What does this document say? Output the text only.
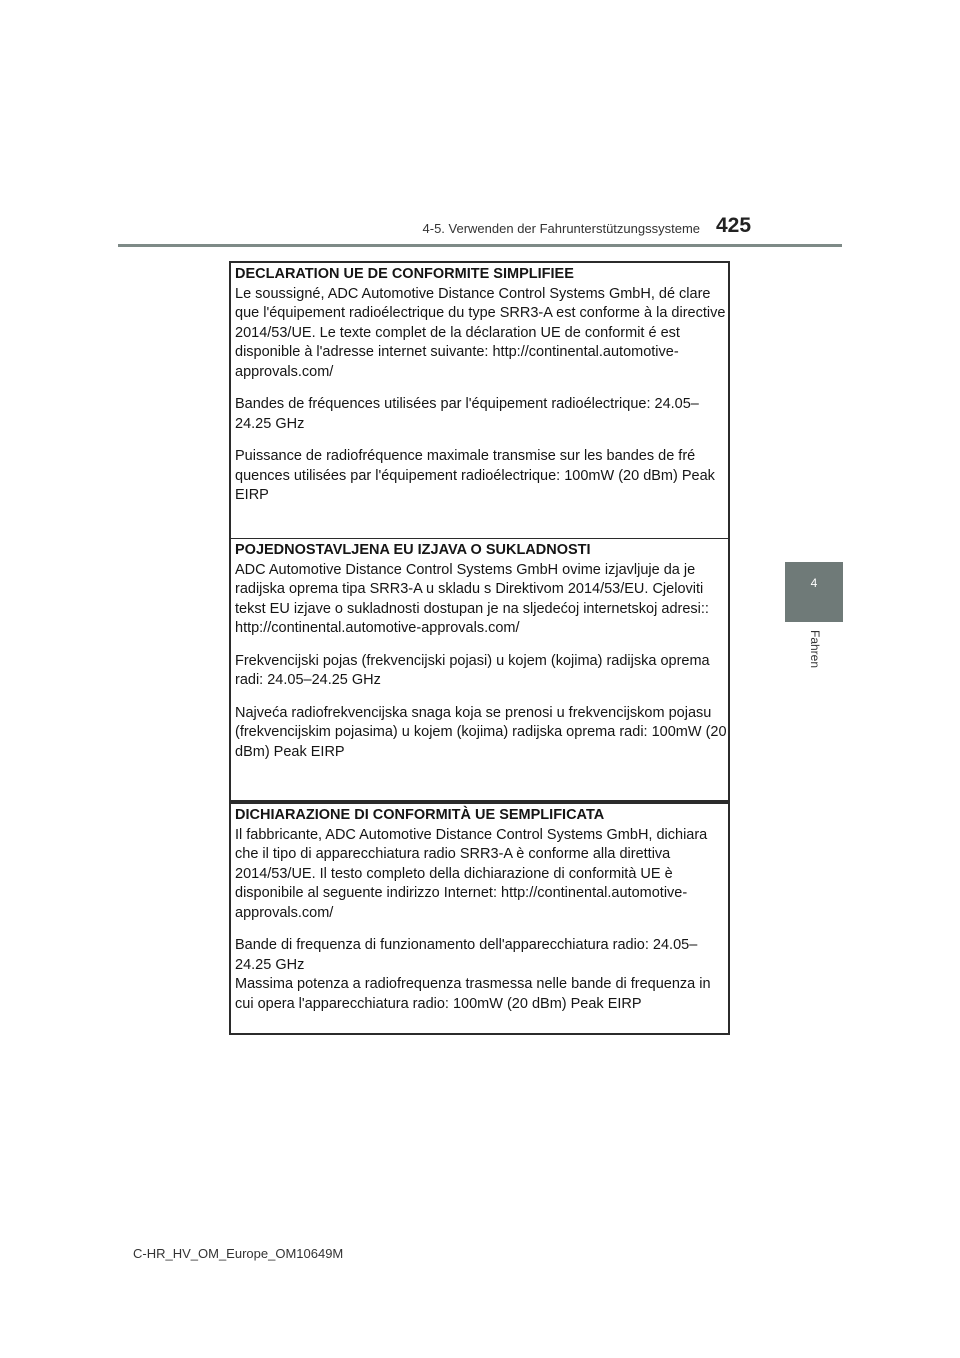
4-5. Verwenden der Fahrunterstützungssysteme 425
4
Fahren
DECLARATION UE DE CONFORMITE SIMPLIFIEE
Le soussigné, ADC Automotive Distance Control Systems GmbH, dé clare que l'équipement radioélectrique du type SRR3-A est conforme à la directive 2014/53/UE. Le texte complet de la déclaration UE de conformit é est disponible à l'adresse internet suivante: http://continental.automotive-approvals.com/
Bandes de fréquences utilisées par l'équipement radioélectrique: 24.05–24.25 GHz
Puissance de radiofréquence maximale transmise sur les bandes de fré quences utilisées par l'équipement radioélectrique: 100mW (20 dBm) Peak EIRP
POJEDNOSTAVLJENA EU IZJAVA O SUKLADNOSTI
ADC Automotive Distance Control Systems GmbH ovime izjavljuje da je radijska oprema tipa SRR3-A u skladu s Direktivom 2014/53/EU. Cjeloviti tekst EU izjave o sukladnosti dostupan je na sljedećoj internetskoj adresi:: http://continental.automotive-approvals.com/
Frekvencijski pojas (frekvencijski pojasi) u kojem (kojima) radijska oprema radi: 24.05–24.25 GHz
Najveća radiofrekvencijska snaga koja se prenosi u frekvencijskom pojasu (frekvencijskim pojasima) u kojem (kojima) radijska oprema radi: 100mW (20 dBm) Peak EIRP
DICHIARAZIONE DI CONFORMITÀ UE SEMPLIFICATA
Il fabbricante, ADC Automotive Distance Control Systems GmbH, dichiara che il tipo di apparecchiatura radio SRR3-A è conforme alla direttiva 2014/53/UE. Il testo completo della dichiarazione di conformità UE è disponibile al seguente indirizzo Internet: http://continental.automotive-approvals.com/
Bande di frequenza di funzionamento dell'apparecchiatura radio: 24.05–24.25 GHz
Massima potenza a radiofrequenza trasmessa nelle bande di frequenza in cui opera l'apparecchiatura radio: 100mW (20 dBm) Peak EIRP
C-HR_HV_OM_Europe_OM10649M
